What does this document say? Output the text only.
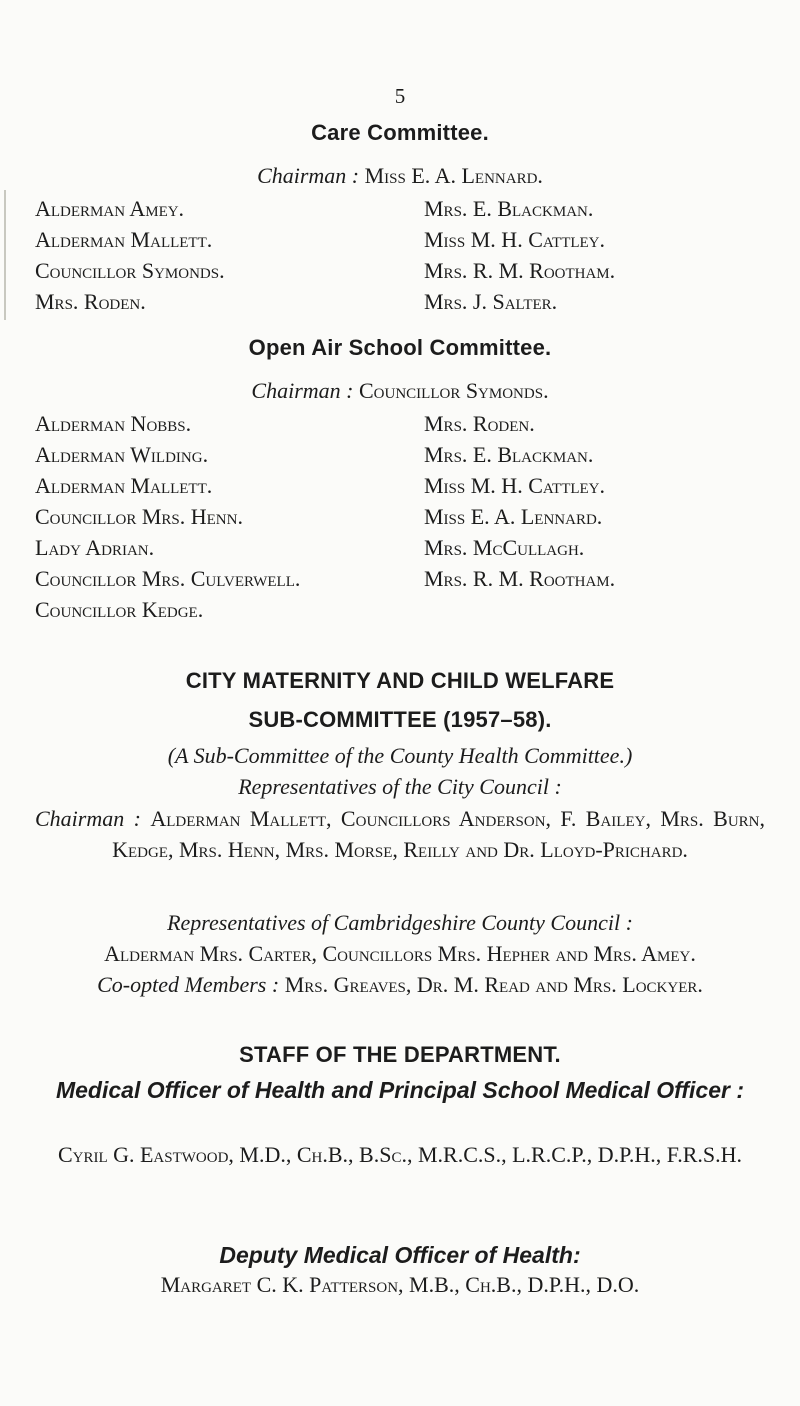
5
Care Committee.
Chairman : Miss E. A. Lennard.
Alderman Amey.
Alderman Mallett.
Councillor Symonds.
Mrs. Roden.
Mrs. E. Blackman.
Miss M. H. Cattley.
Mrs. R. M. Rootham.
Mrs. J. Salter.
Open Air School Committee.
Chairman : Councillor Symonds.
Alderman Nobbs.
Alderman Wilding.
Alderman Mallett.
Councillor Mrs. Henn.
Lady Adrian.
Councillor Mrs. Culverwell.
Councillor Kedge.
Mrs. Roden.
Mrs. E. Blackman.
Miss M. H. Cattley.
Miss E. A. Lennard.
Mrs. McCullagh.
Mrs. R. M. Rootham.
CITY MATERNITY AND CHILD WELFARE
SUB-COMMITTEE (1957–58).
(A Sub-Committee of the County Health Committee.)
Representatives of the City Council :
Chairman : Alderman Mallett, Councillors Anderson, F. Bailey, Mrs. Burn, Kedge, Mrs. Henn, Mrs. Morse, Reilly and Dr. Lloyd-Prichard.
Representatives of Cambridgeshire County Council :
Alderman Mrs. Carter, Councillors Mrs. Hepher and Mrs. Amey.
Co-opted Members : Mrs. Greaves, Dr. M. Read and Mrs. Lockyer.
STAFF OF THE DEPARTMENT.
Medical Officer of Health and Principal School Medical Officer :
Cyril G. Eastwood, M.D., Ch.B., B.Sc., M.R.C.S., L.R.C.P., D.P.H., F.R.S.H.
Deputy Medical Officer of Health:
Margaret C. K. Patterson, M.B., Ch.B., D.P.H., D.O.
